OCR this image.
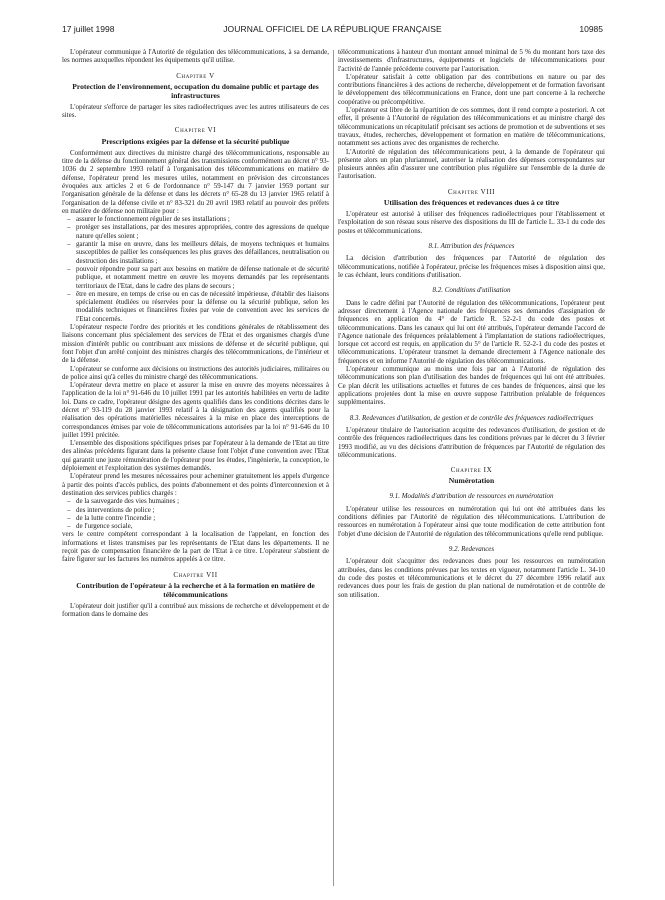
17 juillet 1998	JOURNAL OFFICIEL DE LA RÉPUBLIQUE FRANÇAISE	10985

L'opérateur communique à l'Autorité de régulation des télécommunications, à sa demande, les normes auxquelles répondent les équipements qu'il utilise.

Chapitre V
Protection de l'environnement, occupation du domaine public et partage des infrastructures

L'opérateur s'efforce de partager les sites radioélectriques avec les autres utilisateurs de ces sites.

Chapitre VI
Prescriptions exigées par la défense et la sécurité publique

Conformément aux directives du ministre chargé des télécommunications, responsable au titre de la défense du fonctionnement général des transmissions conformément au décret n° 93-1036 du 2 septembre 1993 relatif à l'organisation des télécommunications en matière de défense, l'opérateur prend les mesures utiles, notamment en prévision des circonstances évoquées aux articles 2 et 6 de l'ordonnance n° 59-147 du 7 janvier 1959 portant sur l'organisation générale de la défense et dans les décrets n° 65-28 du 13 janvier 1965 relatif à l'organisation de la défense civile et n° 83-321 du 20 avril 1983 relatif au pouvoir des préfets en matière de défense non militaire pour :

– assurer le fonctionnement régulier de ses installations ;
– protéger ses installations, par des mesures appropriées, contre des agressions de quelque nature qu'elles soient ;
– garantir la mise en œuvre, dans les meilleurs délais, de moyens techniques et humains susceptibles de pallier les conséquences les plus graves des défaillances, neutralisation ou destruction des installations ;
– pouvoir répondre pour sa part aux besoins en matière de défense nationale et de sécurité publique, et notamment mettre en œuvre les moyens demandés par les représentants territoriaux de l'Etat, dans le cadre des plans de secours ;
– être en mesure, en temps de crise ou en cas de nécessité impérieuse, d'établir des liaisons spécialement étudiées ou réservées pour la défense ou la sécurité publique, selon les modalités techniques et financières fixées par voie de convention avec les services de l'Etat concernés.

L'opérateur respecte l'ordre des priorités et les conditions générales de rétablissement des liaisons concernant plus spécialement des services de l'Etat et des organismes chargés d'une mission d'intérêt public ou contribuant aux missions de défense et de sécurité publique, qui font l'objet d'un arrêté conjoint des ministres chargés des télécommunications, de l'intérieur et de la défense.

L'opérateur se conforme aux décisions ou instructions des autorités judiciaires, militaires ou de police ainsi qu'à celles du ministre chargé des télécommunications.

L'opérateur devra mettre en place et assurer la mise en œuvre des moyens nécessaires à l'application de la loi n° 91-646 du 10 juillet 1991 par les autorités habilitées en vertu de ladite loi. Dans ce cadre, l'opérateur désigne des agents qualifiés dans les conditions décrites dans le décret n° 93-119 du 28 janvier 1993 relatif à la désignation des agents qualifiés pour la réalisation des opérations matérielles nécessaires à la mise en place des interceptions de correspondances émises par voie de télécommunications autorisées par la loi n° 91-646 du 10 juillet 1991 précitée.

L'ensemble des dispositions spécifiques prises par l'opérateur à la demande de l'Etat au titre des alinéas précédents figurant dans la présente clause font l'objet d'une convention avec l'Etat qui garantit une juste rémunération de l'opérateur pour les études, l'ingénierie, la conception, le déploiement et l'exploitation des systèmes demandés.

L'opérateur prend les mesures nécessaires pour acheminer gratuitement les appels d'urgence à partir des points d'accès publics, des points d'abonnement et des points d'interconnexion et à destination des services publics chargés :

– de la sauvegarde des vies humaines ;
– des interventions de police ;
– de la lutte contre l'incendie ;
– de l'urgence sociale,

vers le centre compétent correspondant à la localisation de l'appelant, en fonction des informations et listes transmises par les représentants de l'Etat dans les départements. Il ne reçoit pas de compensation financière de la part de l'Etat à ce titre. L'opérateur s'abstient de faire figurer sur les factures les numéros appelés à ce titre.

Chapitre VII
Contribution de l'opérateur à la recherche et à la formation en matière de télécommunications

L'opérateur doit justifier qu'il a contribué aux missions de recherche et développement et de formation dans le domaine des

télécommunications à hauteur d'un montant annuel minimal de 5 % du montant hors taxe des investissements d'infrastructures, équipements et logiciels de télécommunications pour l'activité de l'année précédente couverte par l'autorisation.

L'opérateur satisfait à cette obligation par des contributions en nature ou par des contributions financières à des actions de recherche, développement et de formation favorisant le développement des télécommunications en France, dont une part concerne à la recherche coopérative ou précompétitive.

L'opérateur est libre de la répartition de ces sommes, dont il rend compte a posteriori. A cet effet, il présente à l'Autorité de régulation des télécommunications et au ministre chargé des télécommunications un récapitulatif précisant ses actions de promotion et de subventions et ses travaux, études, recherches, développement et formation en matière de télécommunications, notamment ses actions avec des organismes de recherche.

L'Autorité de régulation des télécommunications peut, à la demande de l'opérateur qui présente alors un plan pluriannuel, autoriser la réalisation des dépenses correspondantes sur plusieurs années afin d'assurer une contribution plus régulière sur l'ensemble de la durée de l'autorisation.

Chapitre VIII
Utilisation des fréquences et redevances dues à ce titre

L'opérateur est autorisé à utiliser des fréquences radioélectriques pour l'établissement et l'exploitation de son réseau sous réserve des dispositions du III de l'article L. 33-1 du code des postes et télécommunications.

8.1. Attribution des fréquences

La décision d'attribution des fréquences par l'Autorité de régulation des télécommunications, notifiée à l'opérateur, précise les fréquences mises à disposition ainsi que, le cas échéant, leurs conditions d'utilisation.

8.2. Conditions d'utilisation

Dans le cadre défini par l'Autorité de régulation des télécommunications, l'opérateur peut adresser directement à l'Agence nationale des fréquences ses demandes d'assignation de fréquences en application du 4° de l'article R. 52-2-1 du code des postes et télécommunications. Dans les canaux qui lui ont été attribués, l'opérateur demande l'accord de l'Agence nationale des fréquences préalablement à l'implantation de stations radioélectriques, lorsque cet accord est requis, en application du 5° de l'article R. 52-2-1 du code des postes et télécommunications. L'opérateur transmet la demande directement à l'Agence nationale des fréquences et en informe l'Autorité de régulation des télécommunications.

L'opérateur communique au moins une fois par an à l'Autorité de régulation des télécommunications son plan d'utilisation des bandes de fréquences qui lui ont été attribuées. Ce plan décrit les utilisations actuelles et futures de ces bandes de fréquences, ainsi que les applications projetées dont la mise en œuvre suppose l'attribution préalable de fréquences supplémentaires.

8.3. Redevances d'utilisation, de gestion et de contrôle des fréquences radioélectriques

L'opérateur titulaire de l'autorisation acquitte des redevances d'utilisation, de gestion et de contrôle des fréquences radioélectriques dans les conditions prévues par le décret du 3 février 1993 modifié, au vu des décisions d'attribution de fréquences par l'Autorité de régulation des télécommunications.

Chapitre IX
Numérotation
9.1. Modalités d'attribution de ressources en numérotation

L'opérateur utilise les ressources en numérotation qui lui ont été attribuées dans les conditions définies par l'Autorité de régulation des télécommunications. L'attribution de ressources en numérotation à l'opérateur ainsi que toute modification de cette attribution font l'objet d'une décision de l'Autorité de régulation des télécommunications qu'elle rend publique.

9.2. Redevances

L'opérateur doit s'acquitter des redevances dues pour les ressources en numérotation attribuées, dans les conditions prévues par les textes en vigueur, notamment l'article L. 34-10 du code des postes et télécommunications et le décret du 27 décembre 1996 relatif aux redevances dues pour les frais de gestion du plan national de numérotation et de contrôle de son utilisation.
